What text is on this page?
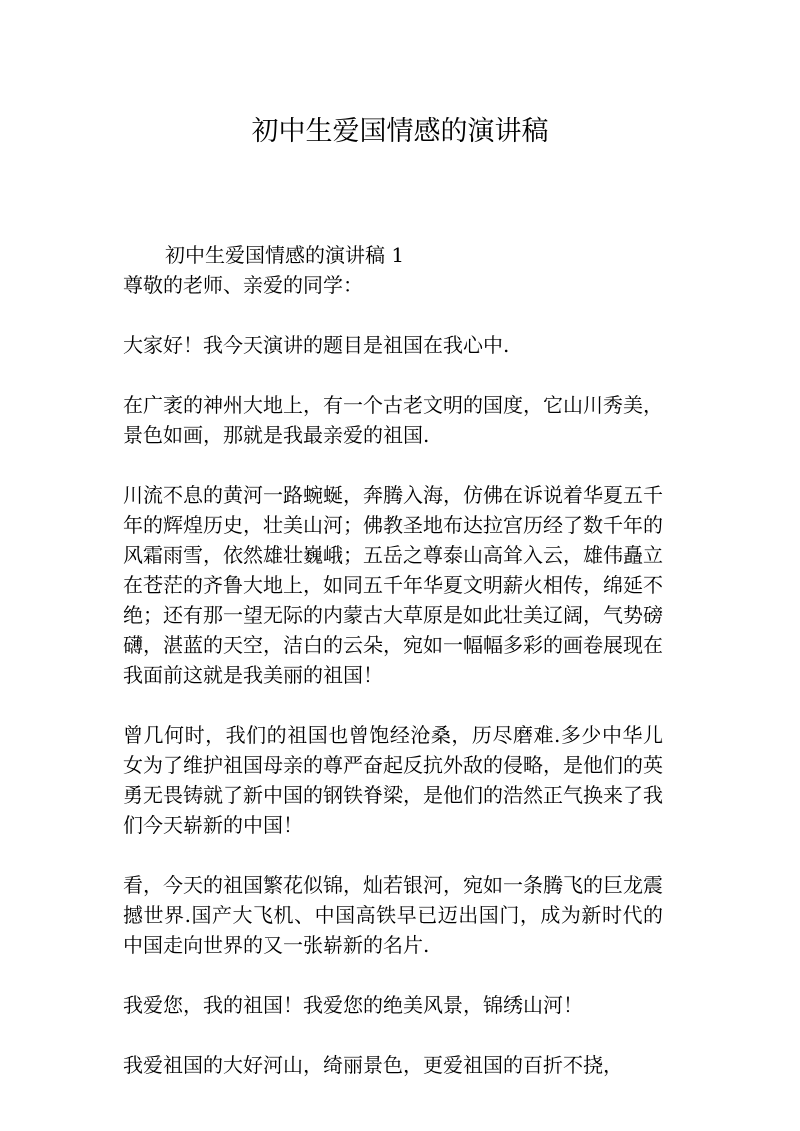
初中生爱国情感的演讲稿

初中生爱国情感的演讲稿 1

尊敬的老师、亲爱的同学：

大家好！我今天演讲的题目是祖国在我心中.

在广袤的神州大地上，有一个古老文明的国度，它山川秀美，景色如画，那就是我最亲爱的祖国.

川流不息的黄河一路蜿蜒，奔腾入海，仿佛在诉说着华夏五千年的辉煌历史，壮美山河；佛教圣地布达拉宫历经了数千年的风霜雨雪，依然雄壮巍峨；五岳之尊泰山高耸入云，雄伟矗立在苍茫的齐鲁大地上，如同五千年华夏文明薪火相传，绵延不绝；还有那一望无际的内蒙古大草原是如此壮美辽阔，气势磅礴，湛蓝的天空，洁白的云朵，宛如一幅幅多彩的画卷展现在我面前这就是我美丽的祖国！

曾几何时，我们的祖国也曾饱经沧桑，历尽磨难.多少中华儿女为了维护祖国母亲的尊严奋起反抗外敌的侵略，是他们的英勇无畏铸就了新中国的钢铁脊梁，是他们的浩然正气换来了我们今天崭新的中国！

看，今天的祖国繁花似锦，灿若银河，宛如一条腾飞的巨龙震撼世界.国产大飞机、中国高铁早已迈出国门，成为新时代的中国走向世界的又一张崭新的名片.

我爱您，我的祖国！我爱您的绝美风景，锦绣山河！

我爱祖国的大好河山，绮丽景色，更爱祖国的百折不挠，
